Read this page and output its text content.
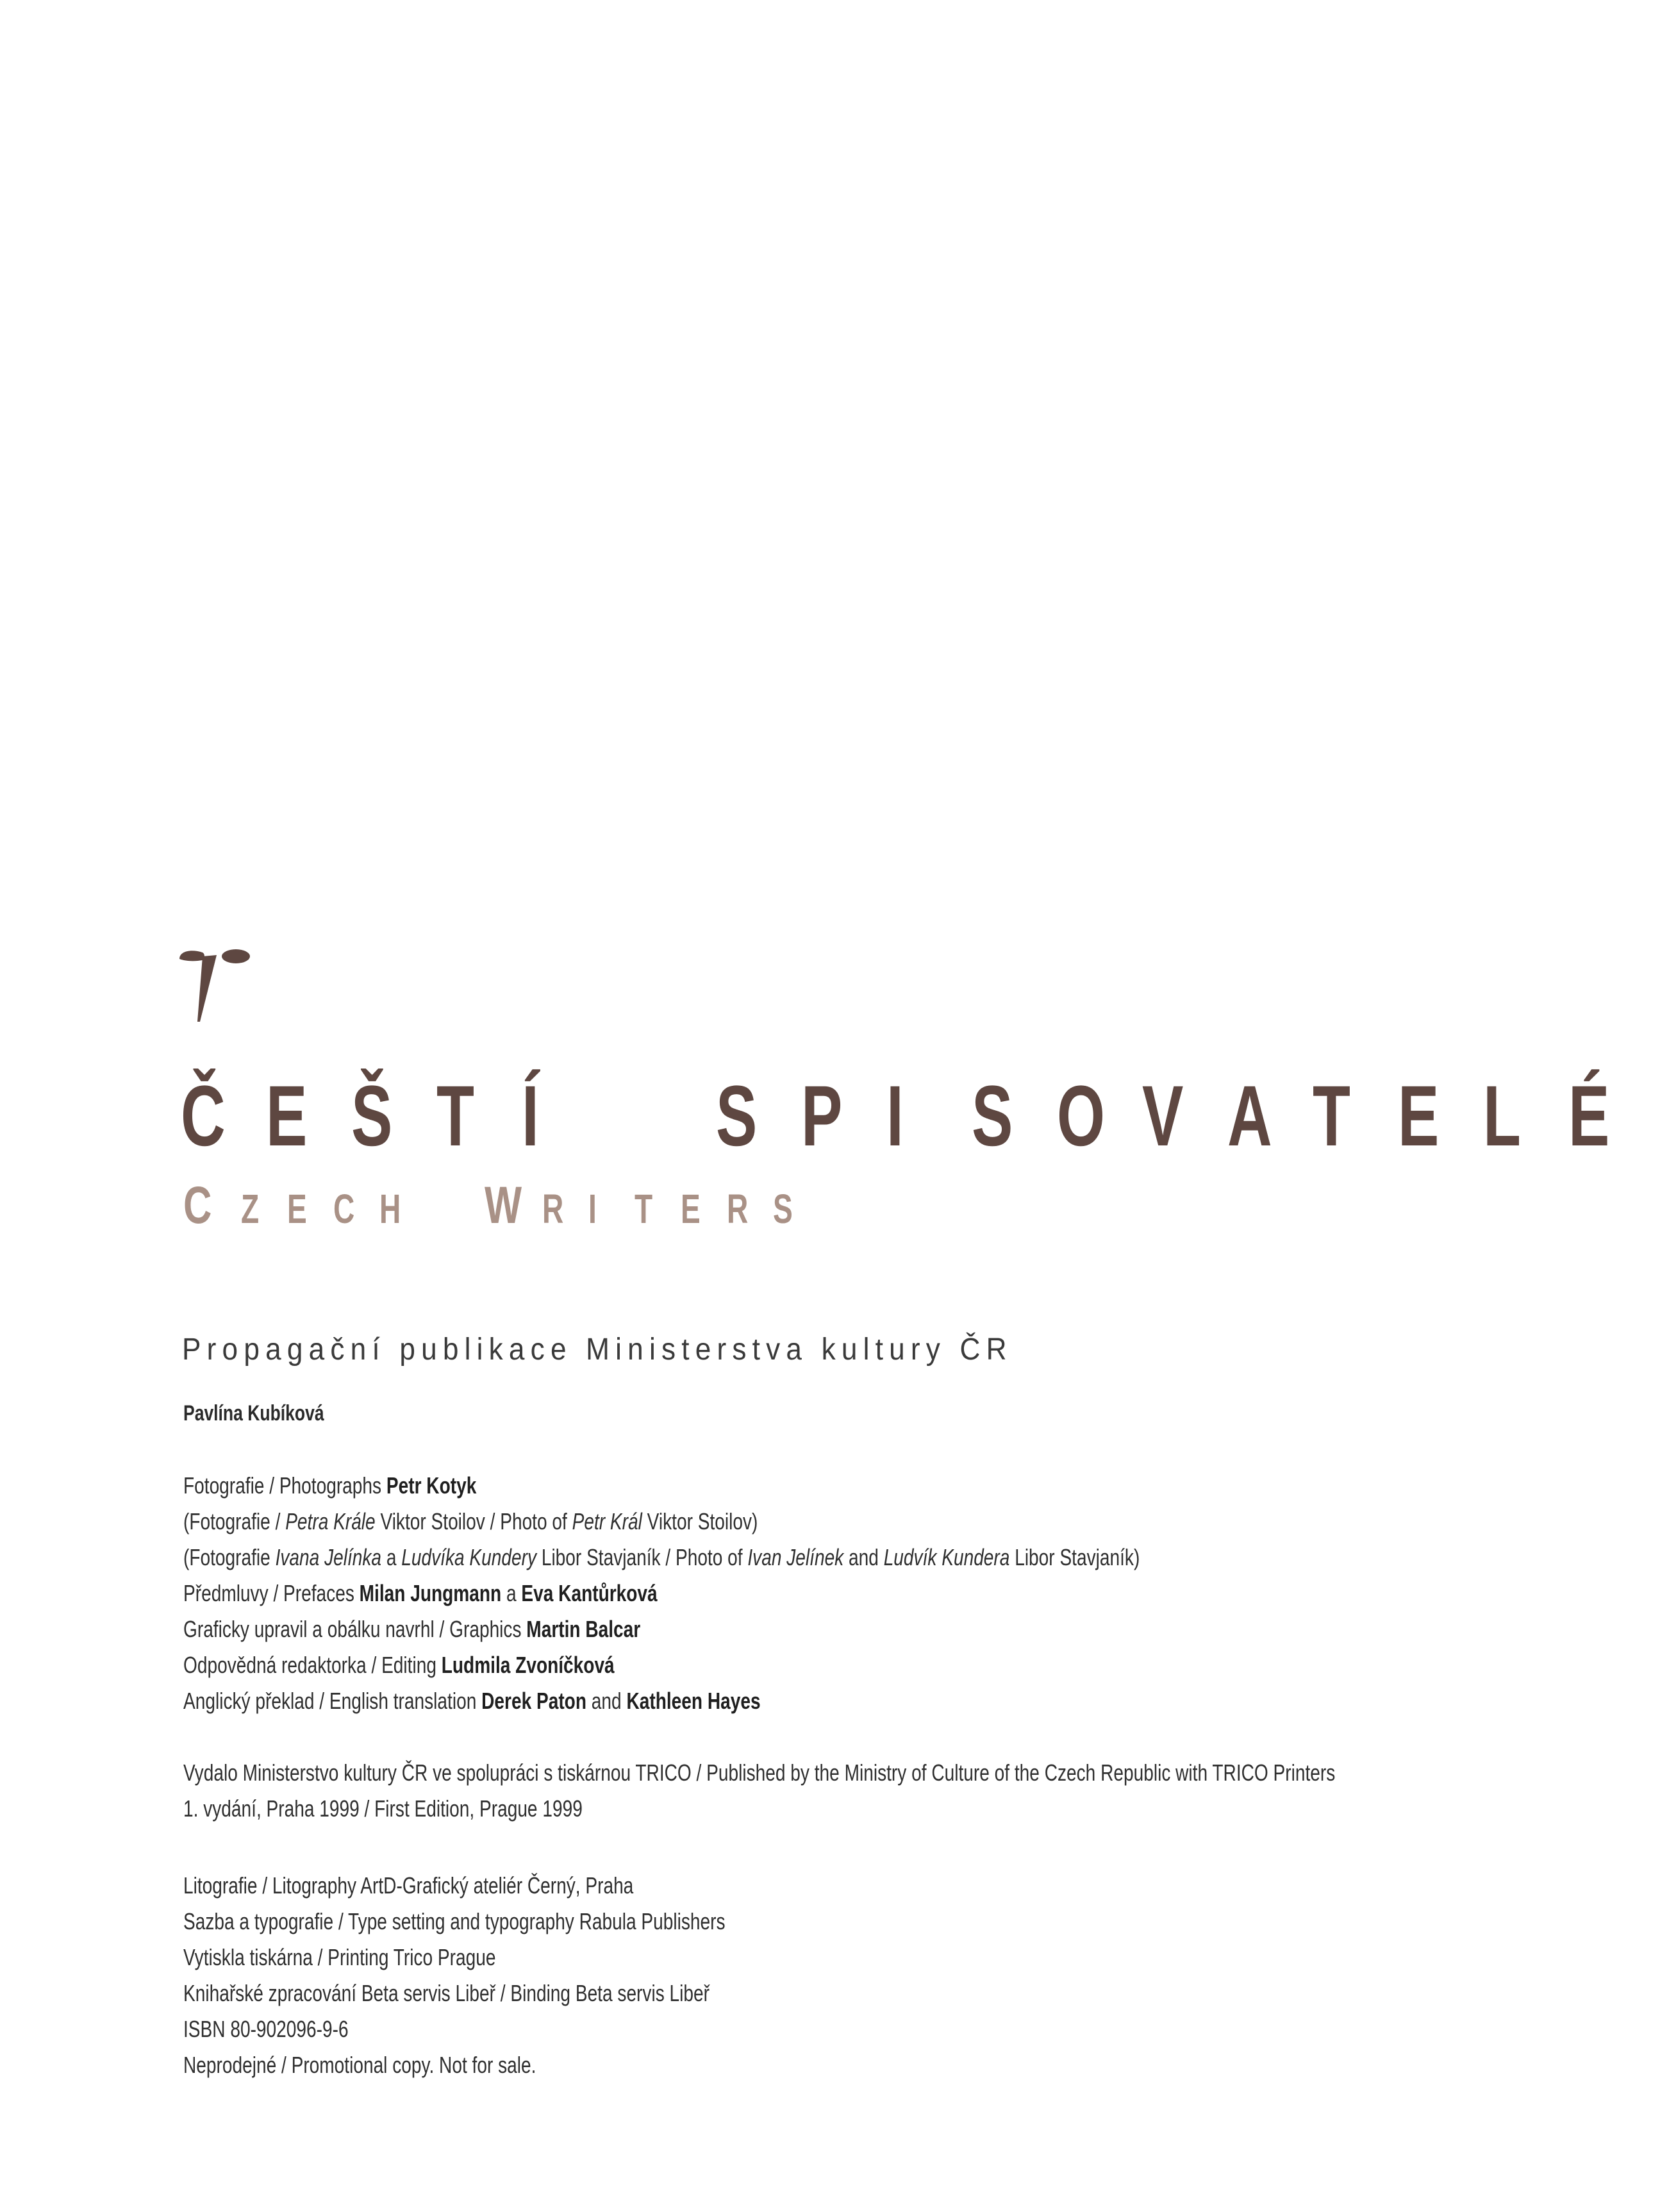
Č E Š T Í S P I S O V A T E L É
C Z E C H W R I T E R S
Propagační publikace Ministerstva kultury ČR
Pavlína Kubíková
Fotografie / Photographs Petr Kotyk
(Fotografie / Petra Krále Viktor Stoilov / Photo of Petr Král Viktor Stoilov)
(Fotografie Ivana Jelínka a Ludvíka Kundery Libor Stavjaník / Photo of Ivan Jelínek and Ludvík Kundera Libor Stavjaník)
Předmluvy / Prefaces Milan Jungmann a Eva Kantůrková
Graficky upravil a obálku navrhl / Graphics Martin Balcar
Odpovědná redaktorka / Editing Ludmila Zvoníčková
Anglický překlad / English translation Derek Paton and Kathleen Hayes
Vydalo Ministerstvo kultury ČR ve spolupráci s tiskárnou TRICO / Published by the Ministry of Culture of the Czech Republic with TRICO Printers
1. vydání, Praha 1999 / First Edition, Prague 1999
Litografie / Litography ArtD-Grafický ateliér Černý, Praha
Sazba a typografie / Type setting and typography Rabula Publishers
Vytiskla tiskárna / Printing Trico Prague
Knihařské zpracování Beta servis Libeř / Binding Beta servis Libeř
ISBN 80-902096-9-6
Neprodejné / Promotional copy. Not for sale.
